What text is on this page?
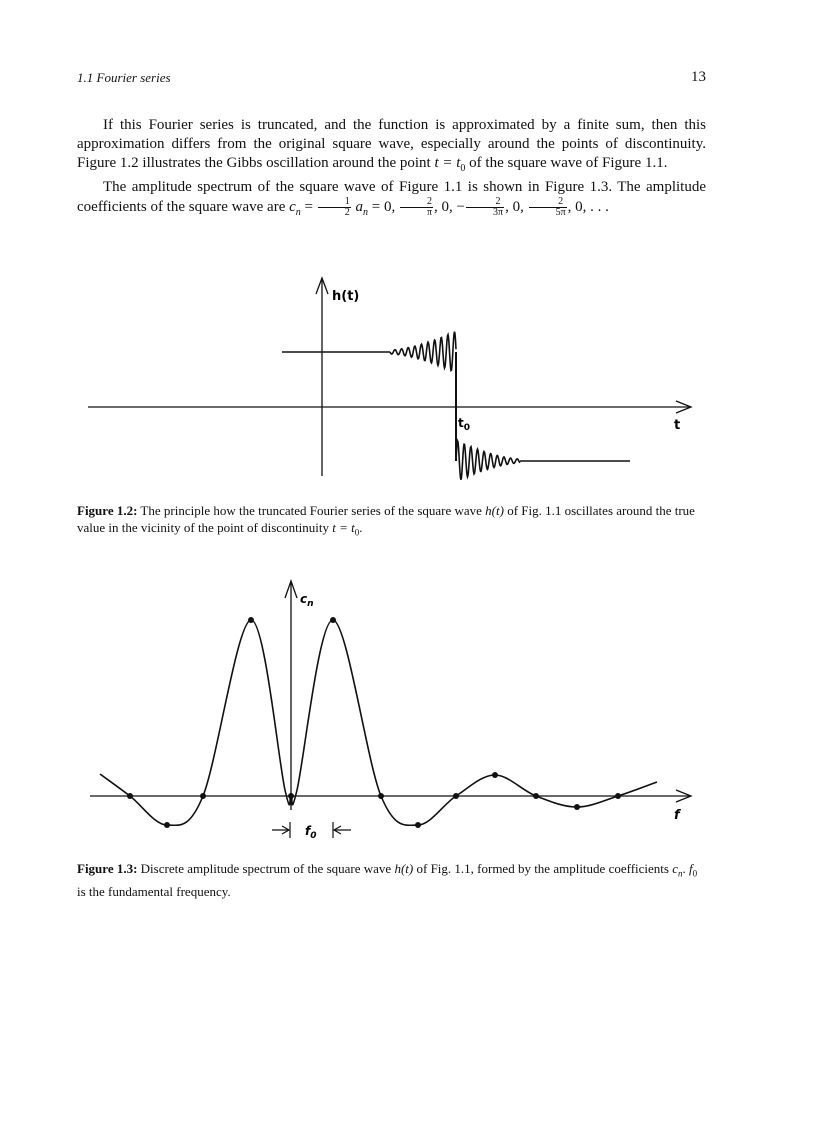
1.1 Fourier series	13

If this Fourier series is truncated, and the function is approximated by a finite sum, then this approximation differs from the original square wave, especially around the points of discontinuity. Figure 1.2 illustrates the Gibbs oscillation around the point $t = t_0$ of the square wave of Figure 1.1.

The amplitude spectrum of the square wave of Figure 1.1 is shown in Figure 1.3. The amplitude coefficients of the square wave are $c_n = \frac{1}{2} a_n = 0$, $\frac{2}{\pi}$ , 0, − $\frac{2}{3\pi}$ , 0, $\frac{2}{5\pi}$ , 0, . . .

h(t)
$t_0$	t
Figure 1.2: The principle how the truncated Fourier series of the square wave h(t) of Fig. 1.1 oscillates around the true value in the vicinity of the point of discontinuity $t = t_0$.
$c_n$
f
$f_0$
Figure 1.3: Discrete amplitude spectrum of the square wave h(t) of Fig. 1.1, formed by the amplitude coefficients $c_n$. $f_0$ is the fundamental frequency.
